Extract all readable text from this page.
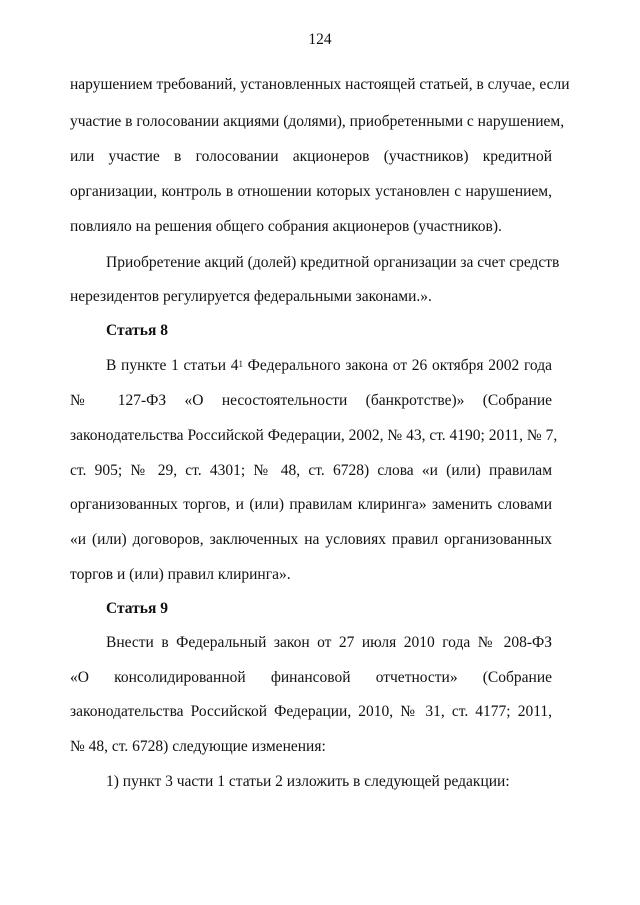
124
нарушением требований, установленных настоящей статьей, в случае, если
участие в голосовании акциями (долями), приобретенными с нарушением,
или участие в голосовании акционеров (участников) кредитной
организации, контроль в отношении которых установлен с нарушением,
повлияло на решения общего собрания акционеров (участников).
Приобретение акций (долей) кредитной организации за счет средств
нерезидентов регулируется федеральными законами.».
Статья 8
В пункте 1 статьи $4^1$ Федерального закона от 26 октября 2002 года
№ 127-ФЗ «О несостоятельности (банкротстве)» (Собрание
законодательства Российской Федерации, 2002, № 43, ст. 4190; 2011, № 7,
ст. 905; № 29, ст. 4301; № 48, ст. 6728) слова «и (или) правилам
организованных торгов, и (или) правилам клиринга» заменить словами
«и (или) договоров, заключенных на условиях правил организованных
торгов и (или) правил клиринга».
Статья 9
Внести в Федеральный закон от 27 июля 2010 года № 208-ФЗ
«О консолидированной финансовой отчетности» (Собрание
законодательства Российской Федерации, 2010, № 31, ст. 4177; 2011,
№ 48, ст. 6728) следующие изменения:
1) пункт 3 части 1 статьи 2 изложить в следующей редакции:
